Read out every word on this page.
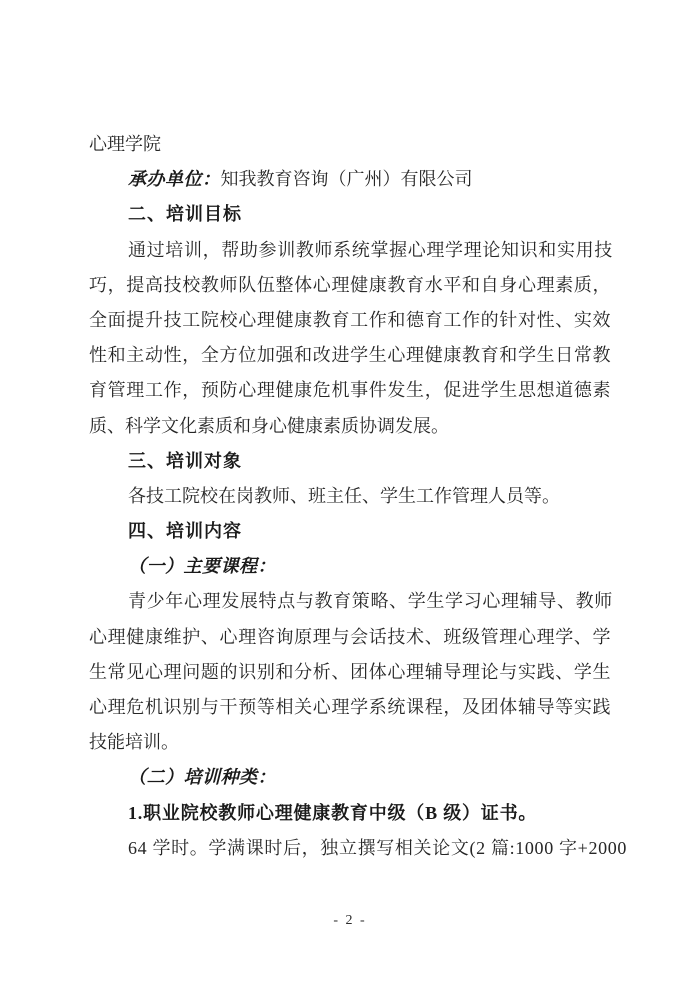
心理学院
承办单位：知我教育咨询（广州）有限公司
二、培训目标
通过培训，帮助参训教师系统掌握心理学理论知识和实用技
巧，提高技校教师队伍整体心理健康教育水平和自身心理素质，
全面提升技工院校心理健康教育工作和德育工作的针对性、实效
性和主动性，全方位加强和改进学生心理健康教育和学生日常教
育管理工作，预防心理健康危机事件发生，促进学生思想道德素
质、科学文化素质和身心健康素质协调发展。
三、培训对象
各技工院校在岗教师、班主任、学生工作管理人员等。
四、培训内容
（一）主要课程：
青少年心理发展特点与教育策略、学生学习心理辅导、教师
心理健康维护、心理咨询原理与会话技术、班级管理心理学、学
生常见心理问题的识别和分析、团体心理辅导理论与实践、学生
心理危机识别与干预等相关心理学系统课程，及团体辅导等实践
技能培训。
（二）培训种类：
1.职业院校教师心理健康教育中级（B 级）证书。
64 学时。学满课时后，独立撰写相关论文(2 篇:1000 字+2000
- 2 -
